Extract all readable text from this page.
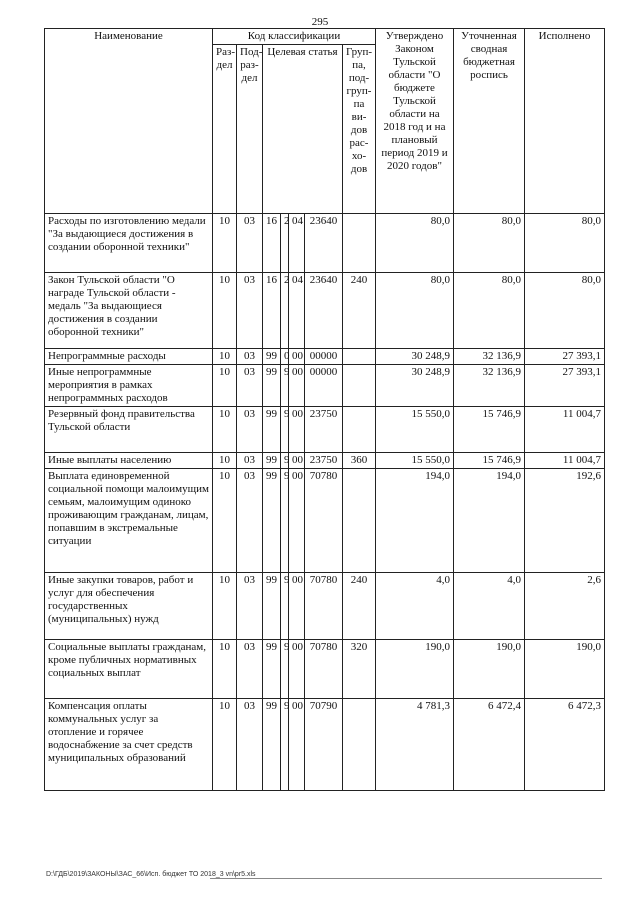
295
Наименование	Код классификации							Утверждено Законом Тульской области "О бюджете Тульской области на 2018 год и на плановый период 2019 и 2020 годов"	Уточненная сводная бюджетная роспись	Исполнено
	Раз-дел	Под-раз-дел	Целевая статья				Груп-па, под-груп-па ви-дов рас-хо-дов			
Расходы по изготовлению медали "За выдающиеся достижения в создании оборонной техники"	10	03	16	2	04	23640		80,0	80,0	80,0
Закон Тульской области "О награде Тульской области - медаль "За выдающиеся достижения в создании оборонной техники"	10	03	16	2	04	23640	240	80,0	80,0	80,0
Непрограммные расходы	10	03	99	0	00	00000		30 248,9	32 136,9	27 393,1
Иные непрограммные мероприятия в рамках непрограммных расходов	10	03	99	9	00	00000		30 248,9	32 136,9	27 393,1
Резервный фонд правительства Тульской области	10	03	99	9	00	23750		15 550,0	15 746,9	11 004,7
Иные выплаты населению	10	03	99	9	00	23750	360	15 550,0	15 746,9	11 004,7
Выплата единовременной социальной помощи малоимущим семьям, малоимущим одиноко проживающим гражданам, лицам, попавшим в экстремальные ситуации	10	03	99	9	00	70780		194,0	194,0	192,6
Иные закупки товаров, работ и услуг для обеспечения государственных (муниципальных) нужд	10	03	99	9	00	70780	240	4,0	4,0	2,6
Социальные выплаты гражданам, кроме публичных нормативных социальных выплат	10	03	99	9	00	70780	320	190,0	190,0	190,0
Компенсация оплаты коммунальных услуг за отопление и горячее водоснабжение за счет средств муниципальных образований	10	03	99	9	00	70790		4 781,3	6 472,4	6 472,3
D:\ГДБ\2019\ЗАКОНЫ\ЗАС_66\Исп. бюджет ТО 2018_3 vn\pr5.xls
